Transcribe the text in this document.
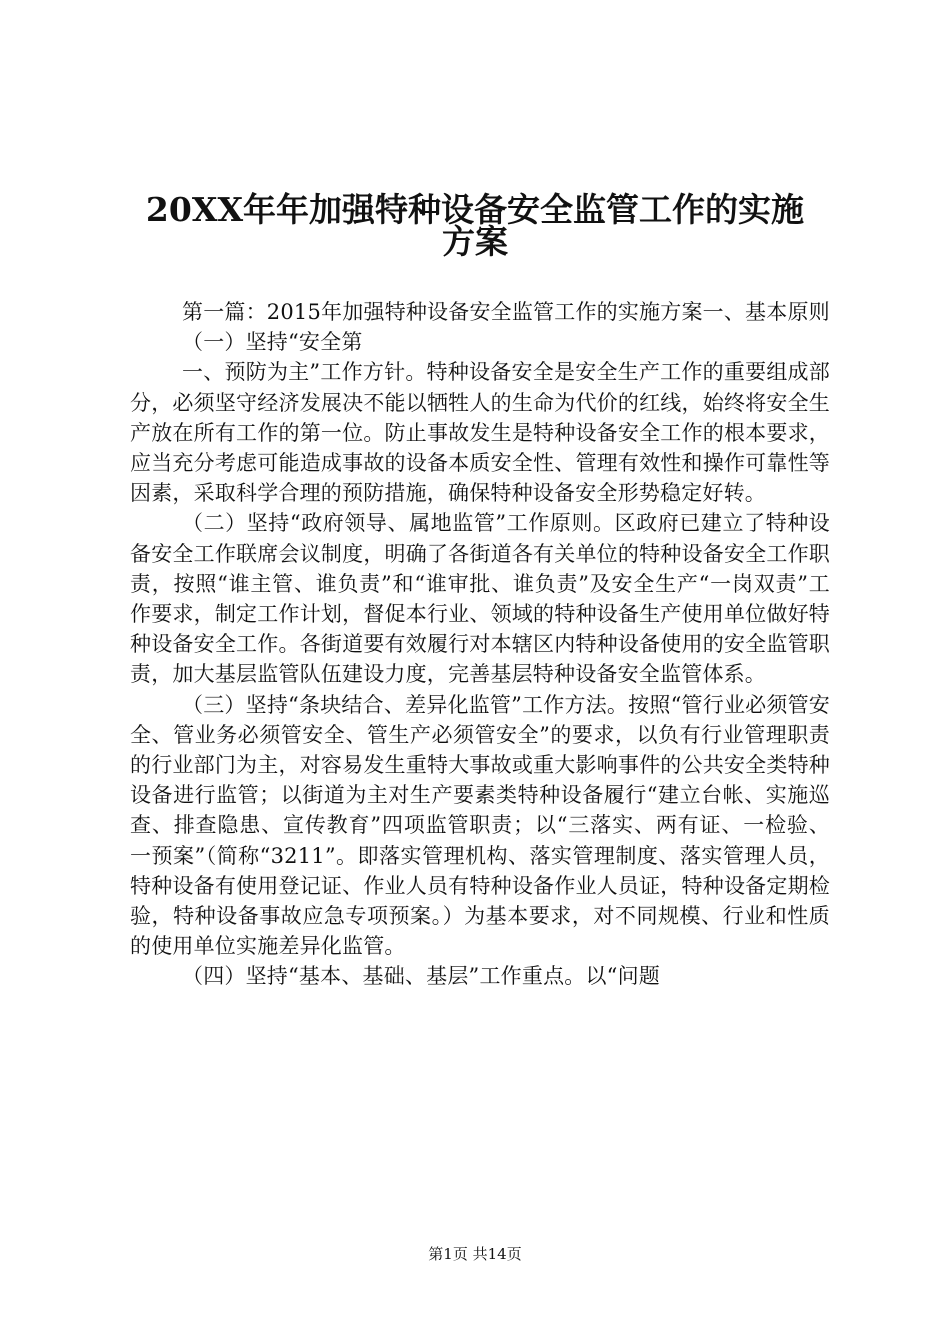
20XX年年加强特种设备安全监管工作的实施
方案

第一篇：2015年加强特种设备安全监管工作的实施方案一、基本原则

（一）坚持“安全第

一、预防为主”工作方针。特种设备安全是安全生产工作的重要组成部分，必须坚守经济发展决不能以牺牲人的生命为代价的红线，始终将安全生产放在所有工作的第一位。防止事故发生是特种设备安全工作的根本要求，应当充分考虑可能造成事故的设备本质安全性、管理有效性和操作可靠性等因素，采取科学合理的预防措施，确保特种设备安全形势稳定好转。

（二）坚持“政府领导、属地监管”工作原则。区政府已建立了特种设备安全工作联席会议制度，明确了各街道各有关单位的特种设备安全工作职责，按照“谁主管、谁负责”和“谁审批、谁负责”及安全生产“一岗双责”工作要求，制定工作计划，督促本行业、领域的特种设备生产使用单位做好特种设备安全工作。各街道要有效履行对本辖区内特种设备使用的安全监管职责，加大基层监管队伍建设力度，完善基层特种设备安全监管体系。

（三）坚持“条块结合、差异化监管”工作方法。按照“管行业必须管安全、管业务必须管安全、管生产必须管安全”的要求，以负有行业管理职责的行业部门为主，对容易发生重特大事故或重大影响事件的公共安全类特种设备进行监管；以街道为主对生产要素类特种设备履行“建立台帐、实施巡查、排查隐患、宣传教育”四项监管职责；以“三落实、两有证、一检验、一预案”（简称“3211”。即落实管理机构、落实管理制度、落实管理人员，特种设备有使用登记证、作业人员有特种设备作业人员证，特种设备定期检验，特种设备事故应急专项预案。）为基本要求，对不同规模、行业和性质的使用单位实施差异化监管。

（四）坚持“基本、基础、基层”工作重点。以“问题

第1页 共14页
